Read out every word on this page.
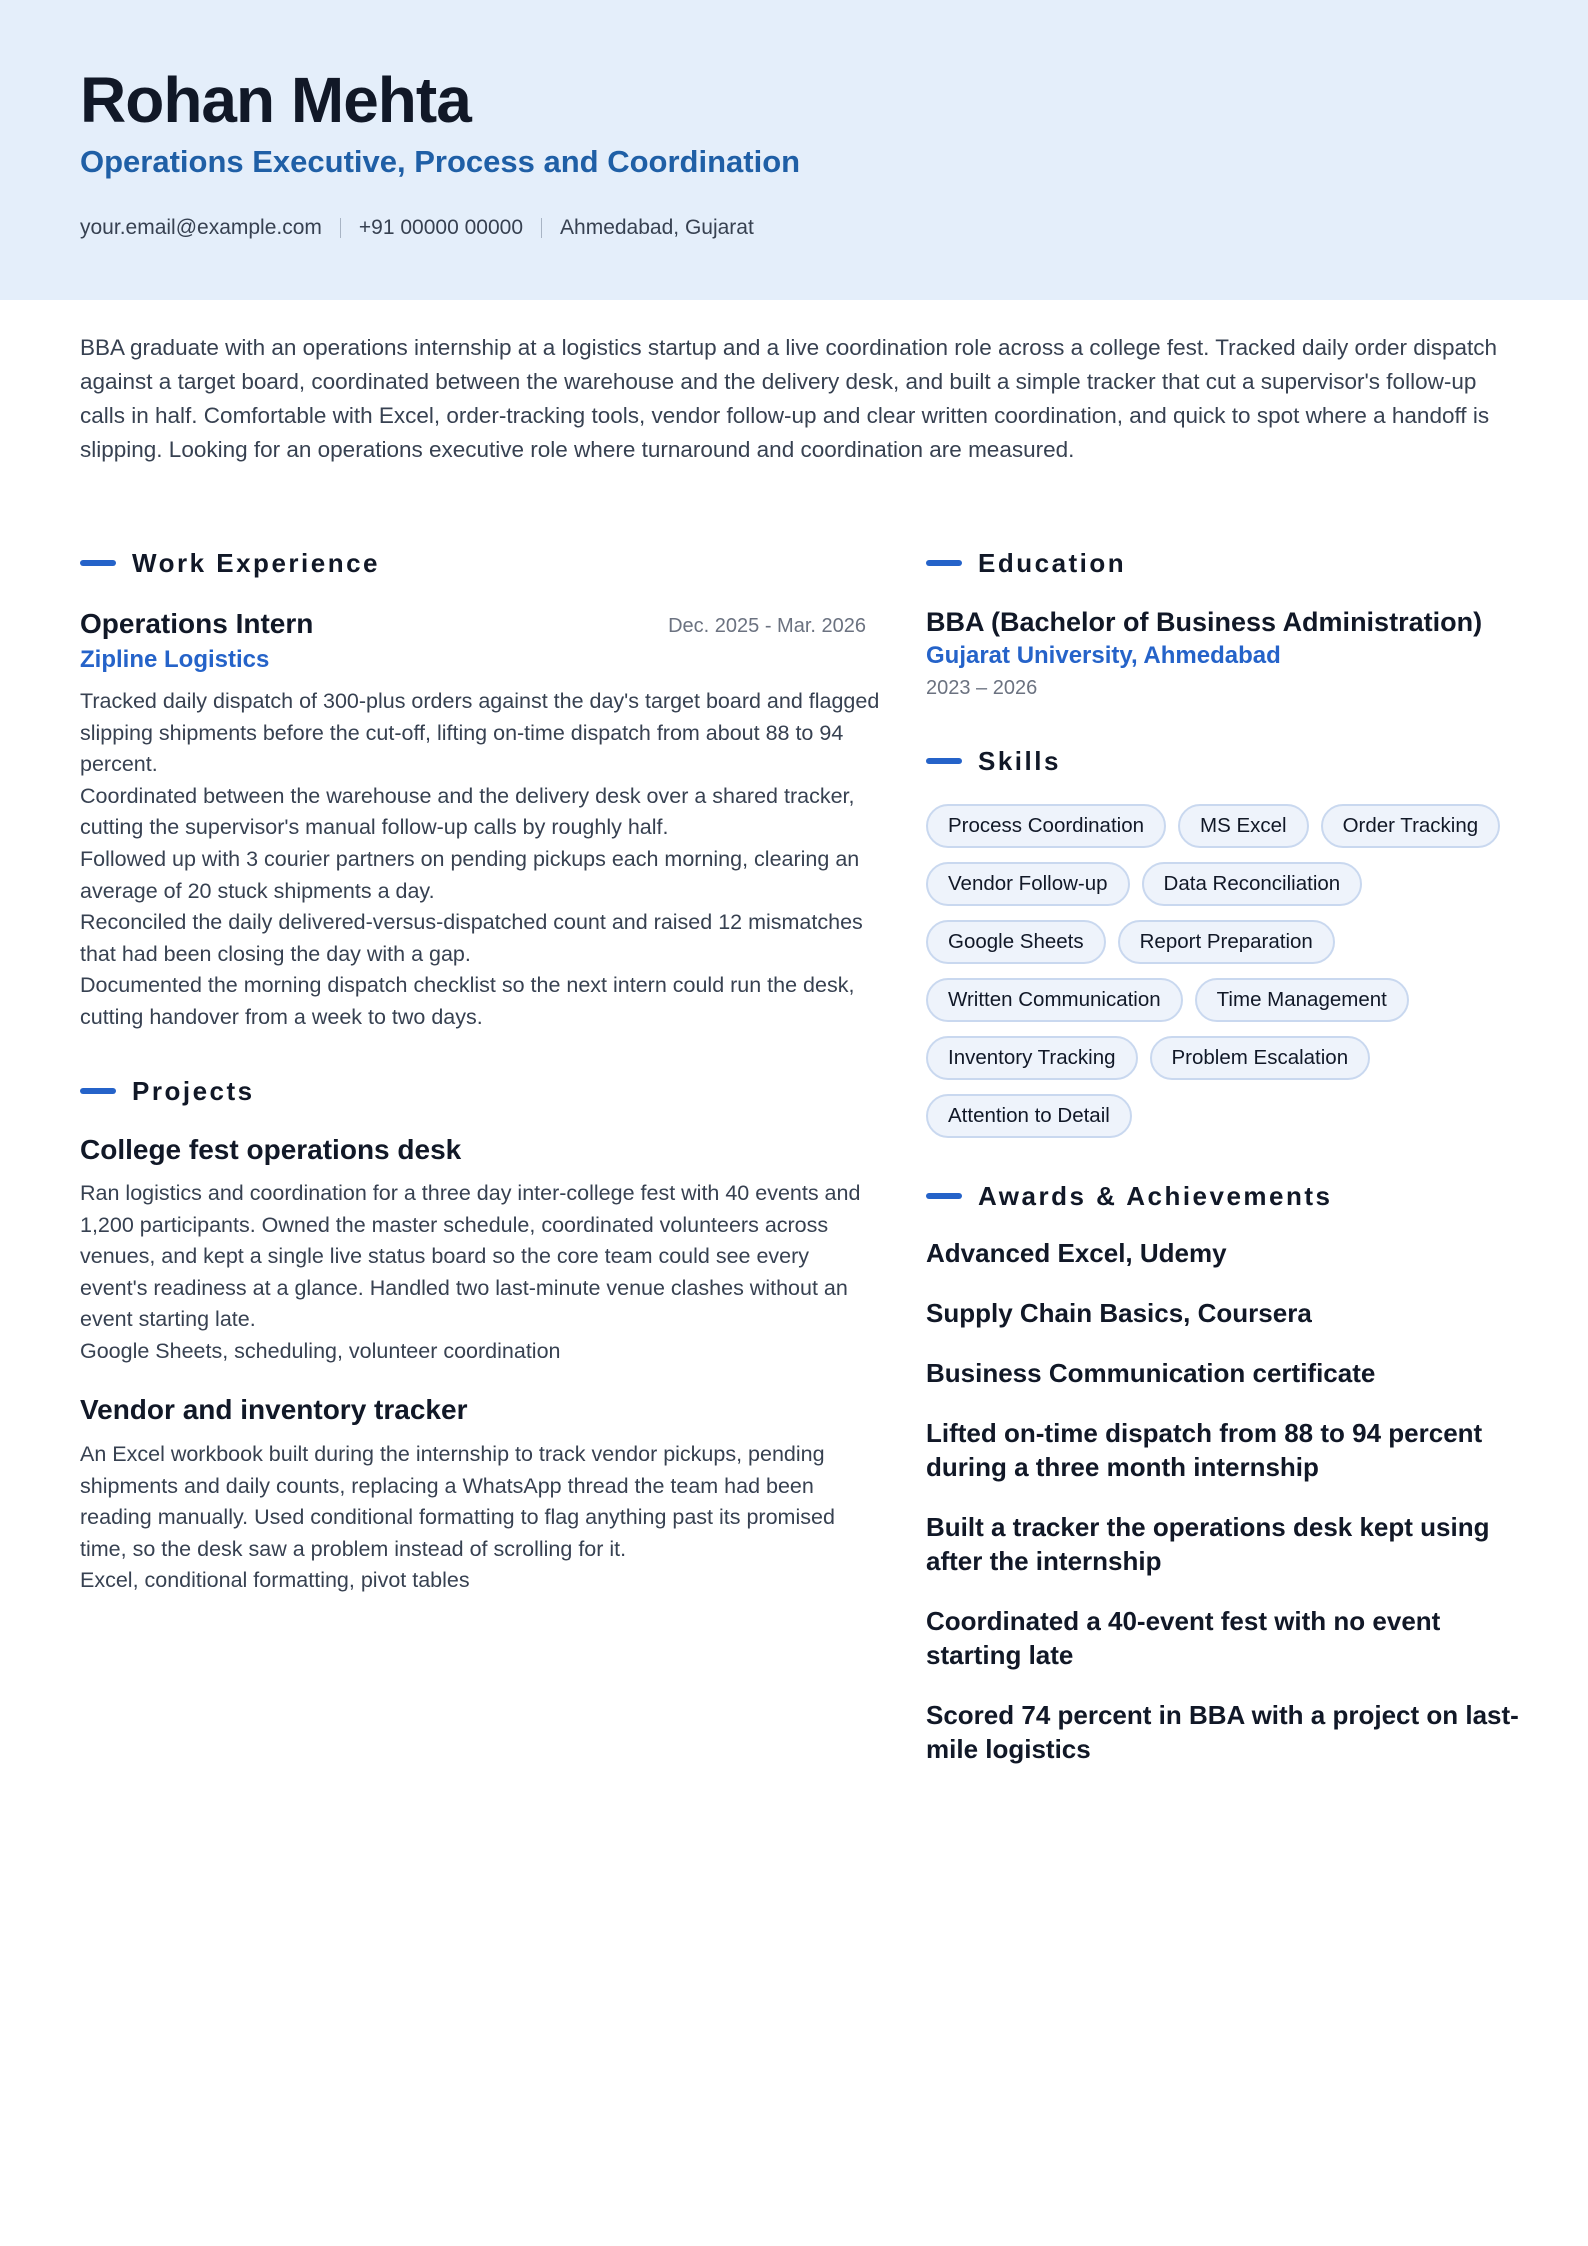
Rohan Mehta
Operations Executive, Process and Coordination
your.email@example.com +91 00000 00000 Ahmedabad, Gujarat

BBA graduate with an operations internship at a logistics startup and a live coordination role across a college fest. Tracked daily order dispatch against a target board, coordinated between the warehouse and the delivery desk, and built a simple tracker that cut a supervisor's follow-up calls in half. Comfortable with Excel, order-tracking tools, vendor follow-up and clear written coordination, and quick to spot where a handoff is slipping. Looking for an operations executive role where turnaround and coordination are measured.

Work Experience
Operations Intern	Dec. 2025 - Mar. 2026
Zipline Logistics
Tracked daily dispatch of 300-plus orders against the day's target board and flagged slipping shipments before the cut-off, lifting on-time dispatch from about 88 to 94 percent.
Coordinated between the warehouse and the delivery desk over a shared tracker, cutting the supervisor's manual follow-up calls by roughly half.
Followed up with 3 courier partners on pending pickups each morning, clearing an average of 20 stuck shipments a day.
Reconciled the daily delivered-versus-dispatched count and raised 12 mismatches that had been closing the day with a gap.
Documented the morning dispatch checklist so the next intern could run the desk, cutting handover from a week to two days.
Projects
College fest operations desk
Ran logistics and coordination for a three day inter-college fest with 40 events and 1,200 participants. Owned the master schedule, coordinated volunteers across venues, and kept a single live status board so the core team could see every event's readiness at a glance. Handled two last-minute venue clashes without an event starting late.
Google Sheets, scheduling, volunteer coordination
Vendor and inventory tracker
An Excel workbook built during the internship to track vendor pickups, pending shipments and daily counts, replacing a WhatsApp thread the team had been reading manually. Used conditional formatting to flag anything past its promised time, so the desk saw a problem instead of scrolling for it.
Excel, conditional formatting, pivot tables
Education
BBA (Bachelor of Business Administration)
Gujarat University, Ahmedabad
2023 – 2026
Skills
Process Coordination	MS Excel	Order Tracking
Vendor Follow-up	Data Reconciliation
Google Sheets	Report Preparation
Written Communication	Time Management
Inventory Tracking	Problem Escalation
Attention to Detail
Awards & Achievements
Advanced Excel, Udemy
Supply Chain Basics, Coursera
Business Communication certificate
Lifted on-time dispatch from 88 to 94 percent during a three month internship
Built a tracker the operations desk kept using after the internship
Coordinated a 40-event fest with no event starting late
Scored 74 percent in BBA with a project on last-mile logistics
